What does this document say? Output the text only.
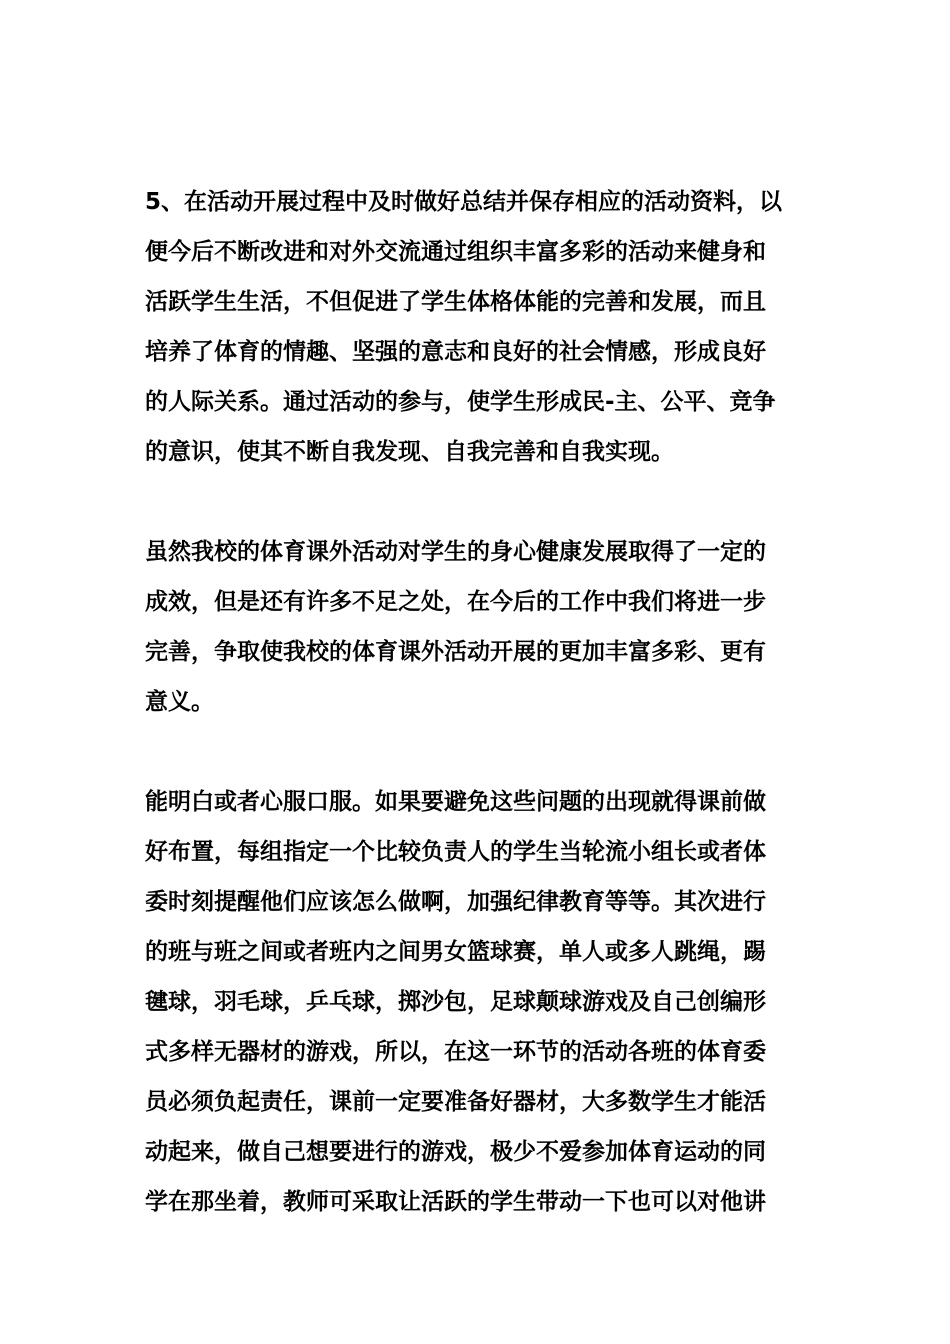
5、在活动开展过程中及时做好总结并保存相应的活动资料，以
便今后不断改进和对外交流通过组织丰富多彩的活动来健身和
活跃学生生活，不但促进了学生体格体能的完善和发展，而且
培养了体育的情趣、坚强的意志和良好的社会情感，形成良好
的人际关系。通过活动的参与，使学生形成民-主、公平、竞争
的意识，使其不断自我发现、自我完善和自我实现。
虽然我校的体育课外活动对学生的身心健康发展取得了一定的
成效，但是还有许多不足之处，在今后的工作中我们将进一步
完善，争取使我校的体育课外活动开展的更加丰富多彩、更有
意义。
能明白或者心服口服。如果要避免这些问题的出现就得课前做
好布置，每组指定一个比较负责人的学生当轮流小组长或者体
委时刻提醒他们应该怎么做啊，加强纪律教育等等。其次进行
的班与班之间或者班内之间男女篮球赛，单人或多人跳绳，踢
毽球，羽毛球，乒乓球，掷沙包，足球颠球游戏及自己创编形
式多样无器材的游戏，所以，在这一环节的活动各班的体育委
员必须负起责任，课前一定要准备好器材，大多数学生才能活
动起来，做自己想要进行的游戏，极少不爱参加体育运动的同
学在那坐着，教师可采取让活跃的学生带动一下也可以对他讲
